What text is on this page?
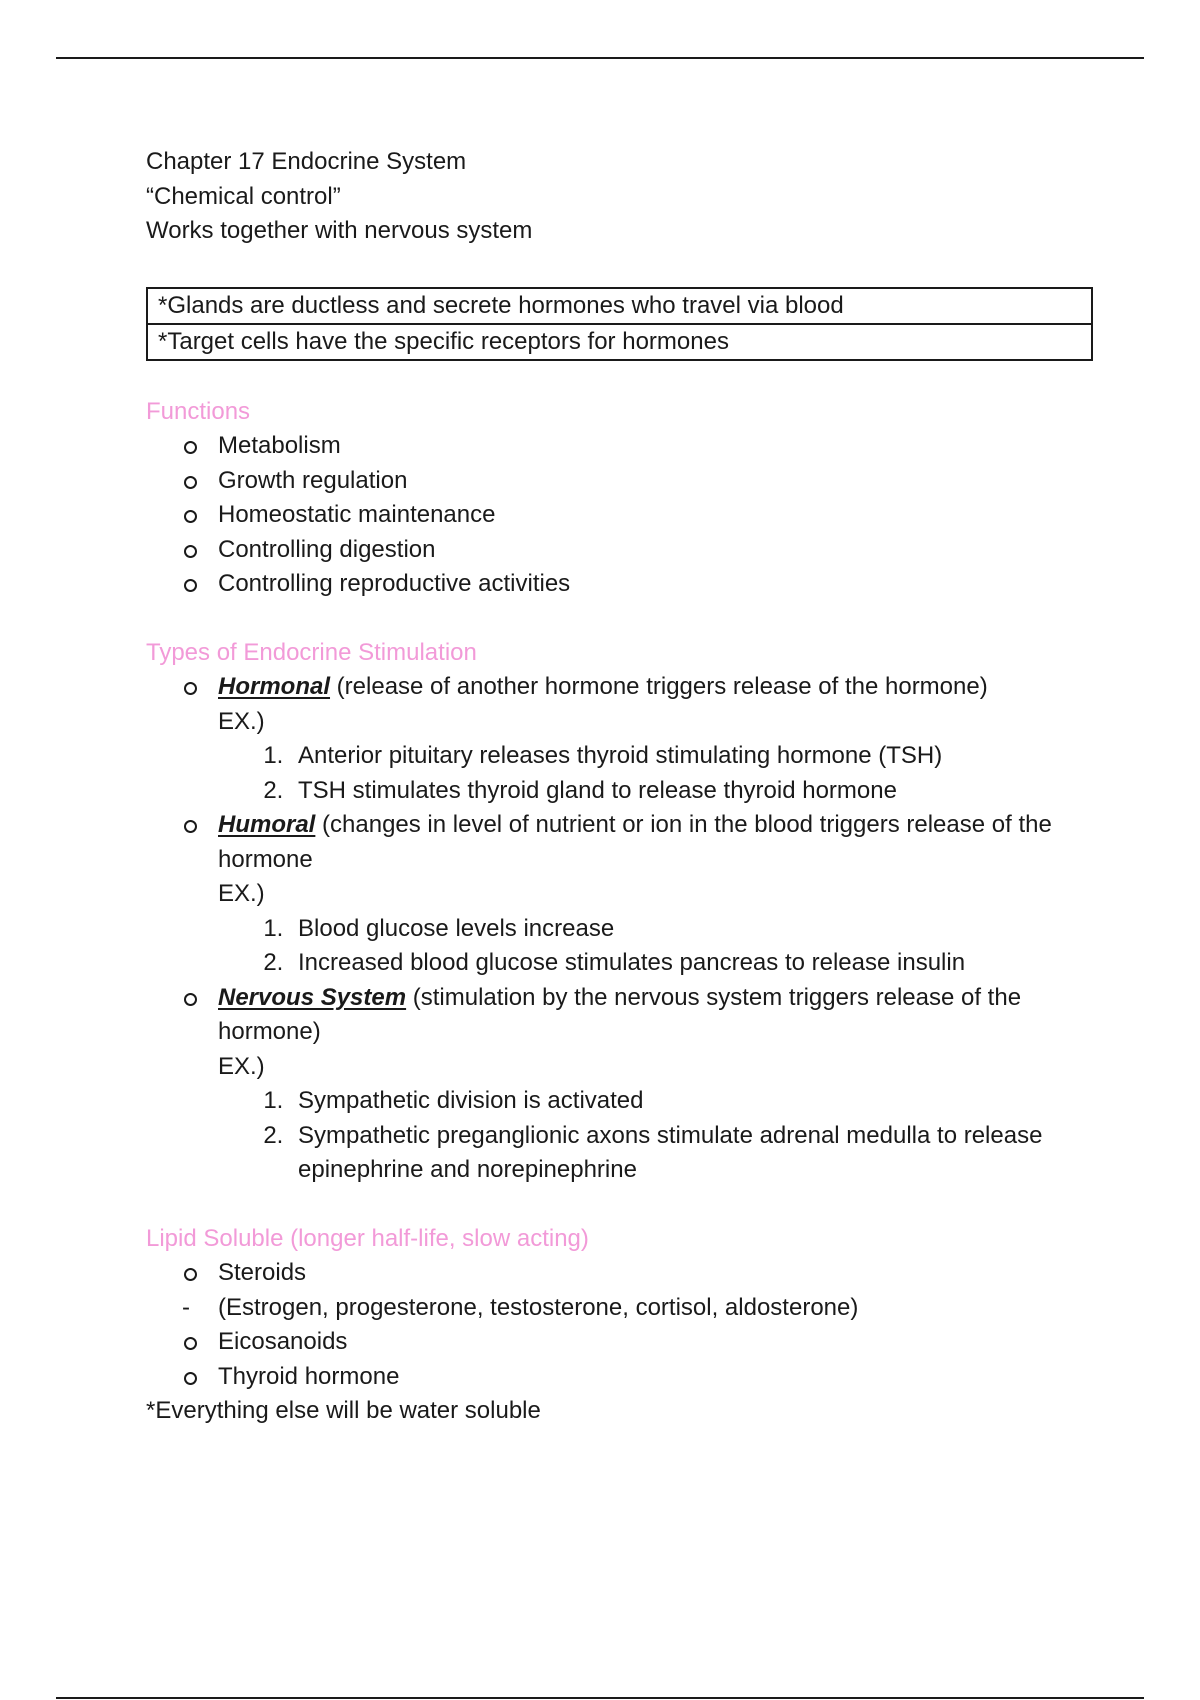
Chapter 17 Endocrine System
“Chemical control”
Works together with nervous system
*Glands are ductless and secrete hormones who travel via blood
*Target cells have the specific receptors for hormones
Functions
Metabolism
Growth regulation
Homeostatic maintenance
Controlling digestion
Controlling reproductive activities
Types of Endocrine Stimulation
Hormonal (release of another hormone triggers release of the hormone)
EX.)
1. Anterior pituitary releases thyroid stimulating hormone (TSH)
2. TSH stimulates thyroid gland to release thyroid hormone
Humoral (changes in level of nutrient or ion in the blood triggers release of the hormone
EX.)
1. Blood glucose levels increase
2. Increased blood glucose stimulates pancreas to release insulin
Nervous System (stimulation by the nervous system triggers release of the hormone)
EX.)
1. Sympathetic division is activated
2. Sympathetic preganglionic axons stimulate adrenal medulla to release epinephrine and norepinephrine
Lipid Soluble (longer half-life, slow acting)
Steroids
- (Estrogen, progesterone, testosterone, cortisol, aldosterone)
Eicosanoids
Thyroid hormone
*Everything else will be water soluble
